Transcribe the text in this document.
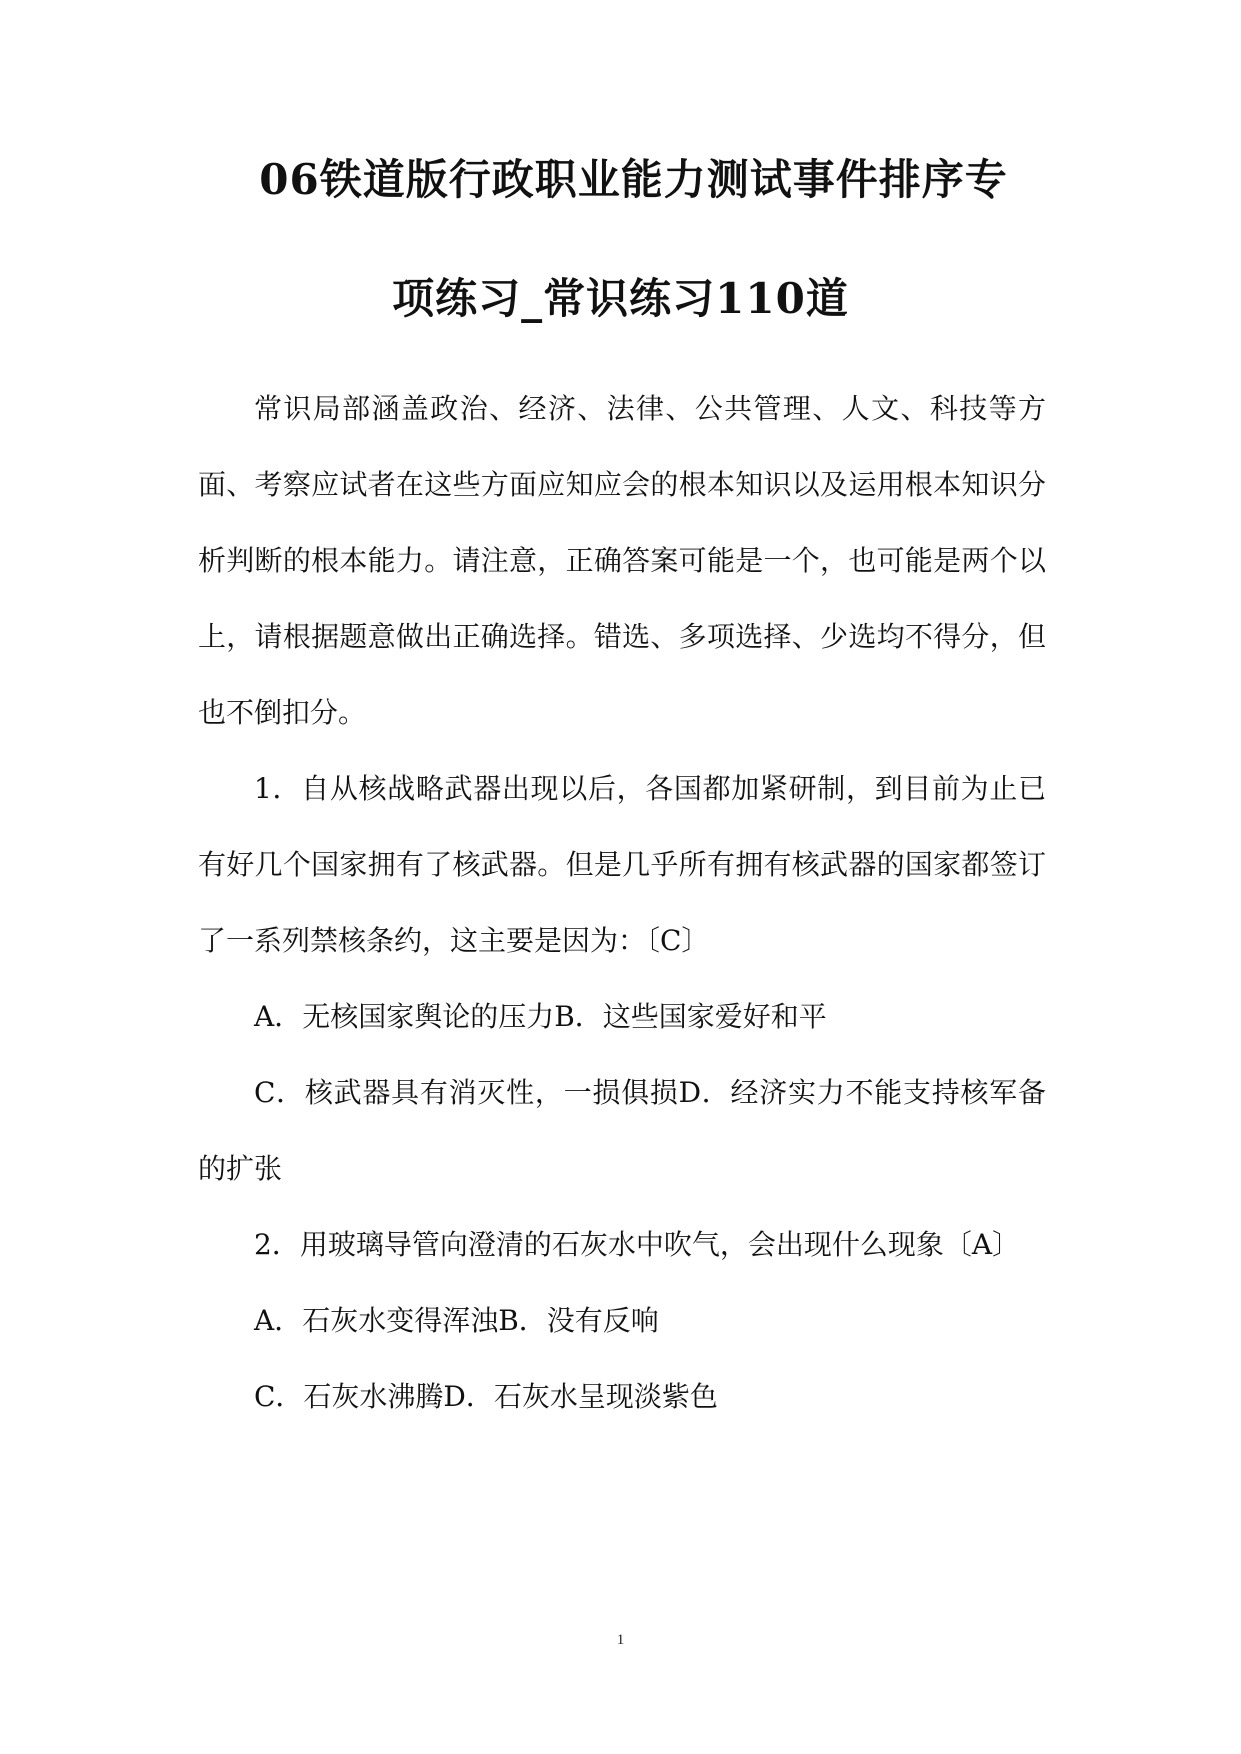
06铁道版行政职业能力测试事件排序专
项练习_常识练习110道

常识局部涵盖政治、经济、法律、公共管理、人文、科技等方面、考察应试者在这些方面应知应会的根本知识以及运用根本知识分析判断的根本能力。请注意，正确答案可能是一个，也可能是两个以上，请根据题意做出正确选择。错选、多项选择、少选均不得分，但也不倒扣分。

1．自从核战略武器出现以后，各国都加紧研制，到目前为止已有好几个国家拥有了核武器。但是几乎所有拥有核武器的国家都签订了一系列禁核条约，这主要是因为：〔C〕

A．无核国家舆论的压力B．这些国家爱好和平

C．核武器具有消灭性，一损俱损D．经济实力不能支持核军备的扩张

2．用玻璃导管向澄清的石灰水中吹气，会出现什么现象〔A〕

A．石灰水变得浑浊B．没有反响

C．石灰水沸腾D．石灰水呈现淡紫色

1
